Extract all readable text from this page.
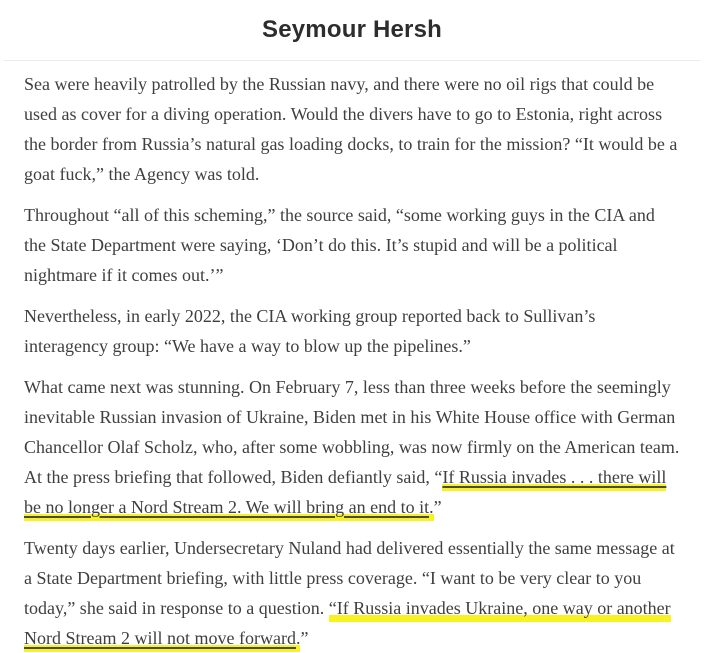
Seymour Hersh

Sea were heavily patrolled by the Russian navy, and there were no oil rigs that could be used as cover for a diving operation. Would the divers have to go to Estonia, right across the border from Russia’s natural gas loading docks, to train for the mission? “It would be a goat fuck,” the Agency was told.

Throughout “all of this scheming,” the source said, “some working guys in the CIA and the State Department were saying, ‘Don’t do this. It’s stupid and will be a political nightmare if it comes out.’”

Nevertheless, in early 2022, the CIA working group reported back to Sullivan’s interagency group: “We have a way to blow up the pipelines.”

What came next was stunning. On February 7, less than three weeks before the seemingly inevitable Russian invasion of Ukraine, Biden met in his White House office with German Chancellor Olaf Scholz, who, after some wobbling, was now firmly on the American team. At the press briefing that followed, Biden defiantly said, “If Russia invades . . . there will be no longer a Nord Stream 2. We will bring an end to it.”

Twenty days earlier, Undersecretary Nuland had delivered essentially the same message at a State Department briefing, with little press coverage. “I want to be very clear to you today,” she said in response to a question. “If Russia invades Ukraine, one way or another Nord Stream 2 will not move forward.”
